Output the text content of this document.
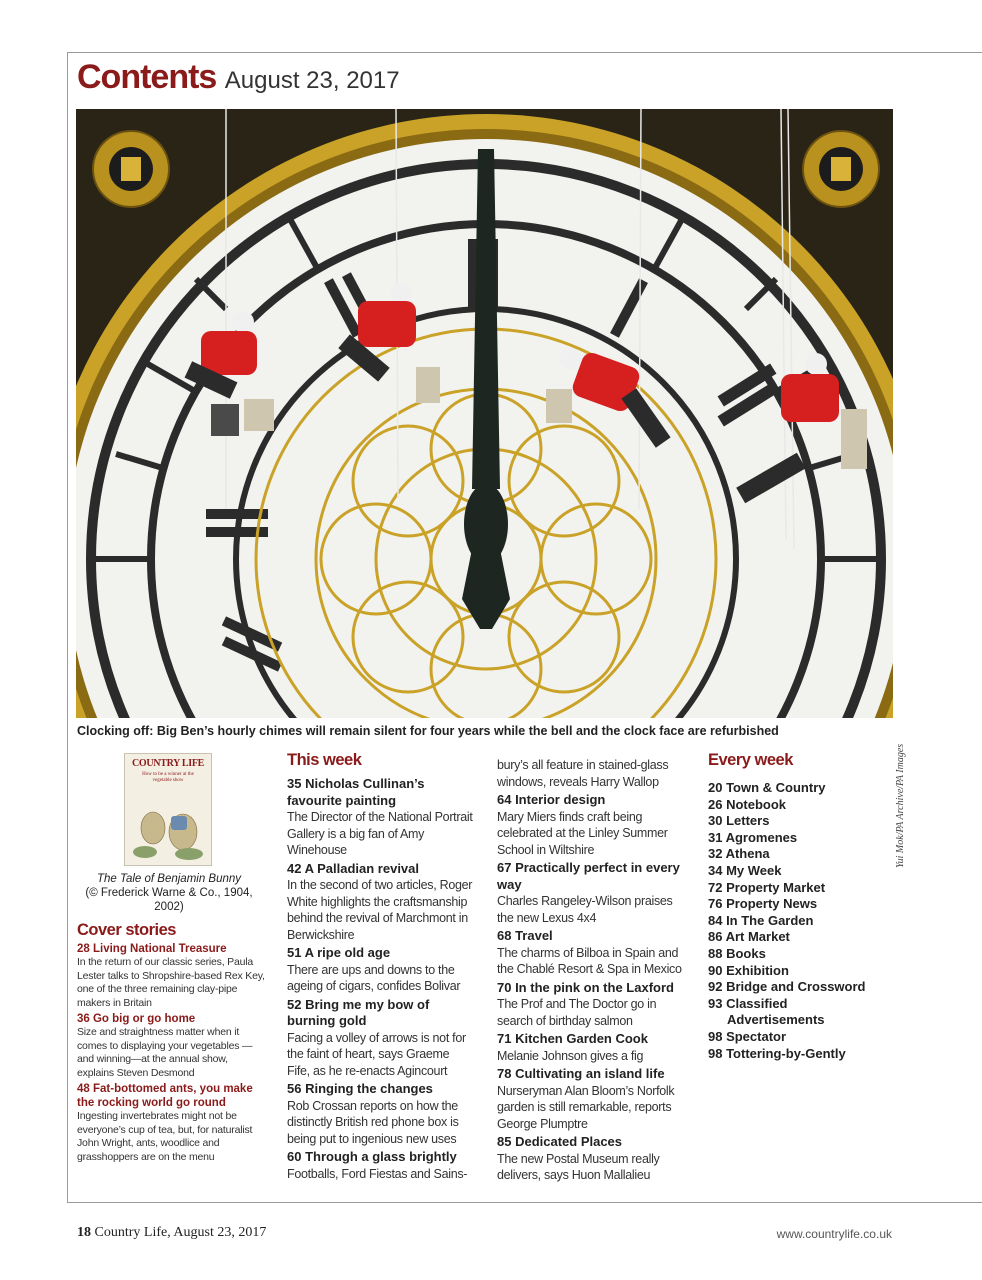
Contents August 23, 2017
Yui Mok/PA Archive/PA Images
Clocking off: Big Ben’s hourly chimes will remain silent for four years while the bell and the clock face are refurbished
COUNTRY LIFE
How to be a winner at the vegetable show
The Tale of Benjamin Bunny
(© Frederick Warne & Co., 1904, 2002)
Cover stories
28 Living National Treasure
In the return of our classic series, Paula Lester talks to Shropshire-based Rex Key, one of the three remaining clay-pipe makers in Britain
36 Go big or go home
Size and straightness matter when it comes to displaying your vegetables —and winning—at the annual show, explains Steven Desmond
48 Fat-bottomed ants, you make the rocking world go round
Ingesting invertebrates might not be everyone’s cup of tea, but, for naturalist John Wright, ants, woodlice and grasshoppers are on the menu
This week
35 Nicholas Cullinan’s favourite painting
The Director of the National Portrait Gallery is a big fan of Amy Winehouse
42 A Palladian revival
In the second of two articles, Roger White highlights the craftsmanship behind the revival of Marchmont in Berwickshire
51 A ripe old age
There are ups and downs to the ageing of cigars, confides Bolivar
52 Bring me my bow of burning gold
Facing a volley of arrows is not for the faint of heart, says Graeme Fife, as he re-enacts Agincourt
56 Ringing the changes
Rob Crossan reports on how the distinctly British red phone box is being put to ingenious new uses
60 Through a glass brightly
Footballs, Ford Fiestas and Sains-
bury’s all feature in stained-glass windows, reveals Harry Wallop
64 Interior design
Mary Miers finds craft being celebrated at the Linley Summer School in Wiltshire
67 Practically perfect in every way
Charles Rangeley-Wilson praises the new Lexus 4x4
68 Travel
The charms of Bilboa in Spain and the Chablé Resort & Spa in Mexico
70 In the pink on the Laxford
The Prof and The Doctor go in search of birthday salmon
71 Kitchen Garden Cook
Melanie Johnson gives a fig
78 Cultivating an island life
Nurseryman Alan Bloom’s Norfolk garden is still remarkable, reports George Plumptre
85 Dedicated Places
The new Postal Museum really delivers, says Huon Mallalieu
Every week
20 Town & Country
26 Notebook
30 Letters
31 Agromenes
32 Athena
34 My Week
72 Property Market
76 Property News
84 In The Garden
86 Art Market
88 Books
90 Exhibition
92 Bridge and Crossword
93 Classified
Advertisements
98 Spectator
98 Tottering-by-Gently
18 Country Life, August 23, 2017	www.countrylife.co.uk
